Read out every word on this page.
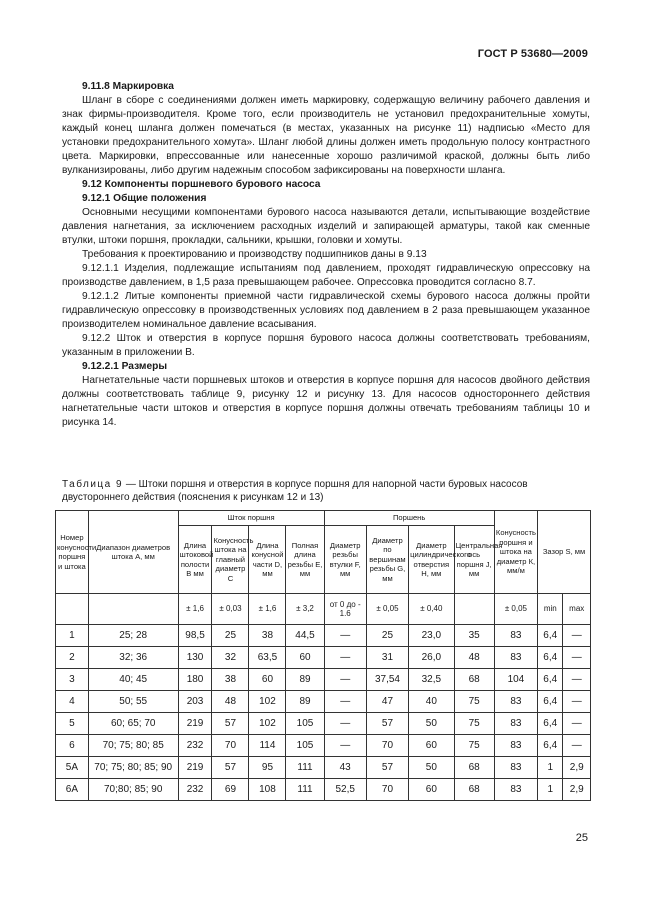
ГОСТ Р 53680—2009

9.11.8 Маркировка

Шланг в сборе с соединениями должен иметь маркировку, содержащую величину рабочего давления и знак фирмы-производителя. Кроме того, если производитель не установил предохранительные хомуты, каждый конец шланга должен помечаться (в местах, указанных на рисунке 11) надписью «Место для установки предохранительного хомута». Шланг любой длины должен иметь продольную полосу контрастного цвета. Маркировки, впрессованные или нанесенные хорошо различимой краской, должны быть либо вулканизированы, либо другим надежным способом зафиксированы на поверхности шланга.

9.12 Компоненты поршневого бурового насоса

9.12.1 Общие положения

Основными несущими компонентами бурового насоса называются детали, испытывающие воздействие давления нагнетания, за исключением расходных изделий и запирающей арматуры, такой как сменные втулки, штоки поршня, прокладки, сальники, крышки, головки и хомуты.

Требования к проектированию и производству подшипников даны в 9.13

9.12.1.1 Изделия, подлежащие испытаниям под давлением, проходят гидравлическую опрессовку на производстве давлением, в 1,5 раза превышающем рабочее. Опрессовка проводится согласно 8.7.

9.12.1.2 Литые компоненты приемной части гидравлической схемы бурового насоса должны пройти гидравлическую опрессовку в производственных условиях под давлением в 2 раза превышающем указанное производителем номинальное давление всасывания.

9.12.2 Шток и отверстия в корпусе поршня бурового насоса должны соответствовать требованиям, указанным в приложении В.

9.12.2.1 Размеры

Нагнетательные части поршневых штоков и отверстия в корпусе поршня для насосов двойного действия должны соответствовать таблице 9, рисунку 12 и рисунку 13. Для насосов одностороннего действия нагнетательные части штоков и отверстия в корпусе поршня должны отвечать требованиям таблицы 10 и рисунка 14.

Таблица 9 — Штоки поршня и отверстия в корпусе поршня для напорной части буровых насосов двустороннего действия (пояснения к рисункам 12 и 13)
Номер конусности поршня и штока	Диапазон диаметров штока А, мм	Шток поршня				Поршень				Конусность поршня и штока на диаметр К, мм/м	Зазор S, мм	
		Длина штоковой полости В мм	Конусность штока на главный диаметр С	Длина конусной части D, мм	Полная длина резьбы Е, мм	Диаметр резьбы втулки F, мм	Диаметр по вершинам резьбы G, мм	Диаметр цилиндрического отверстия Н, мм	Центральная ось поршня J, мм			
		± 1,6	± 0,03	± 1,6	± 3,2	от 0 до - 1.6	± 0,05	± 0,40		± 0,05	min	max
1	25; 28	98,5	25	38	44,5	—	25	23,0	35	83	6,4	—
2	32; 36	130	32	63,5	60	—	31	26,0	48	83	6,4	—
3	40; 45	180	38	60	89	—	37,54	32,5	68	104	6,4	—
4	50; 55	203	48	102	89	—	47	40	75	83	6,4	—
5	60; 65; 70	219	57	102	105	—	57	50	75	83	6,4	—
6	70; 75; 80; 85	232	70	114	105	—	70	60	75	83	6,4	—
5А	70; 75; 80; 85; 90	219	57	95	111	43	57	50	68	83	1	2,9
6А	70;80; 85; 90	232	69	108	111	52,5	70	60	68	83	1	2,9
25
